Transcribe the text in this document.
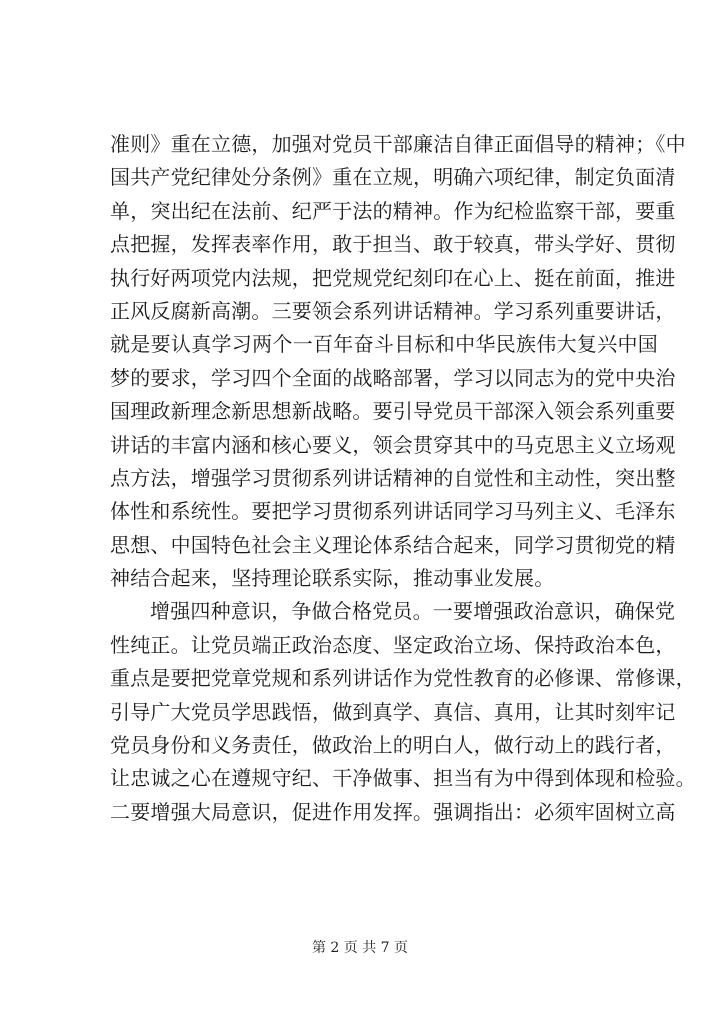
准则》重在立德，加强对党员干部廉洁自律正面倡导的精神；《中
国共产党纪律处分条例》重在立规，明确六项纪律，制定负面清
单，突出纪在法前、纪严于法的精神。作为纪检监察干部，要重
点把握，发挥表率作用，敢于担当、敢于较真，带头学好、贯彻
执行好两项党内法规，把党规党纪刻印在心上、挺在前面，推进
正风反腐新高潮。三要领会系列讲话精神。学习系列重要讲话，
就是要认真学习两个一百年奋斗目标和中华民族伟大复兴中国
梦的要求，学习四个全面的战略部署，学习以同志为的党中央治
国理政新理念新思想新战略。要引导党员干部深入领会系列重要
讲话的丰富内涵和核心要义，领会贯穿其中的马克思主义立场观
点方法，增强学习贯彻系列讲话精神的自觉性和主动性，突出整
体性和系统性。要把学习贯彻系列讲话同学习马列主义、毛泽东
思想、中国特色社会主义理论体系结合起来，同学习贯彻党的精
神结合起来，坚持理论联系实际，推动事业发展。
增强四种意识，争做合格党员。一要增强政治意识，确保党
性纯正。让党员端正政治态度、坚定政治立场、保持政治本色，
重点是要把党章党规和系列讲话作为党性教育的必修课、常修课，
引导广大党员学思践悟，做到真学、真信、真用，让其时刻牢记
党员身份和义务责任，做政治上的明白人，做行动上的践行者，
让忠诚之心在遵规守纪、干净做事、担当有为中得到体现和检验。
二要增强大局意识，促进作用发挥。强调指出：必须牢固树立高
第 2 页 共 7 页
